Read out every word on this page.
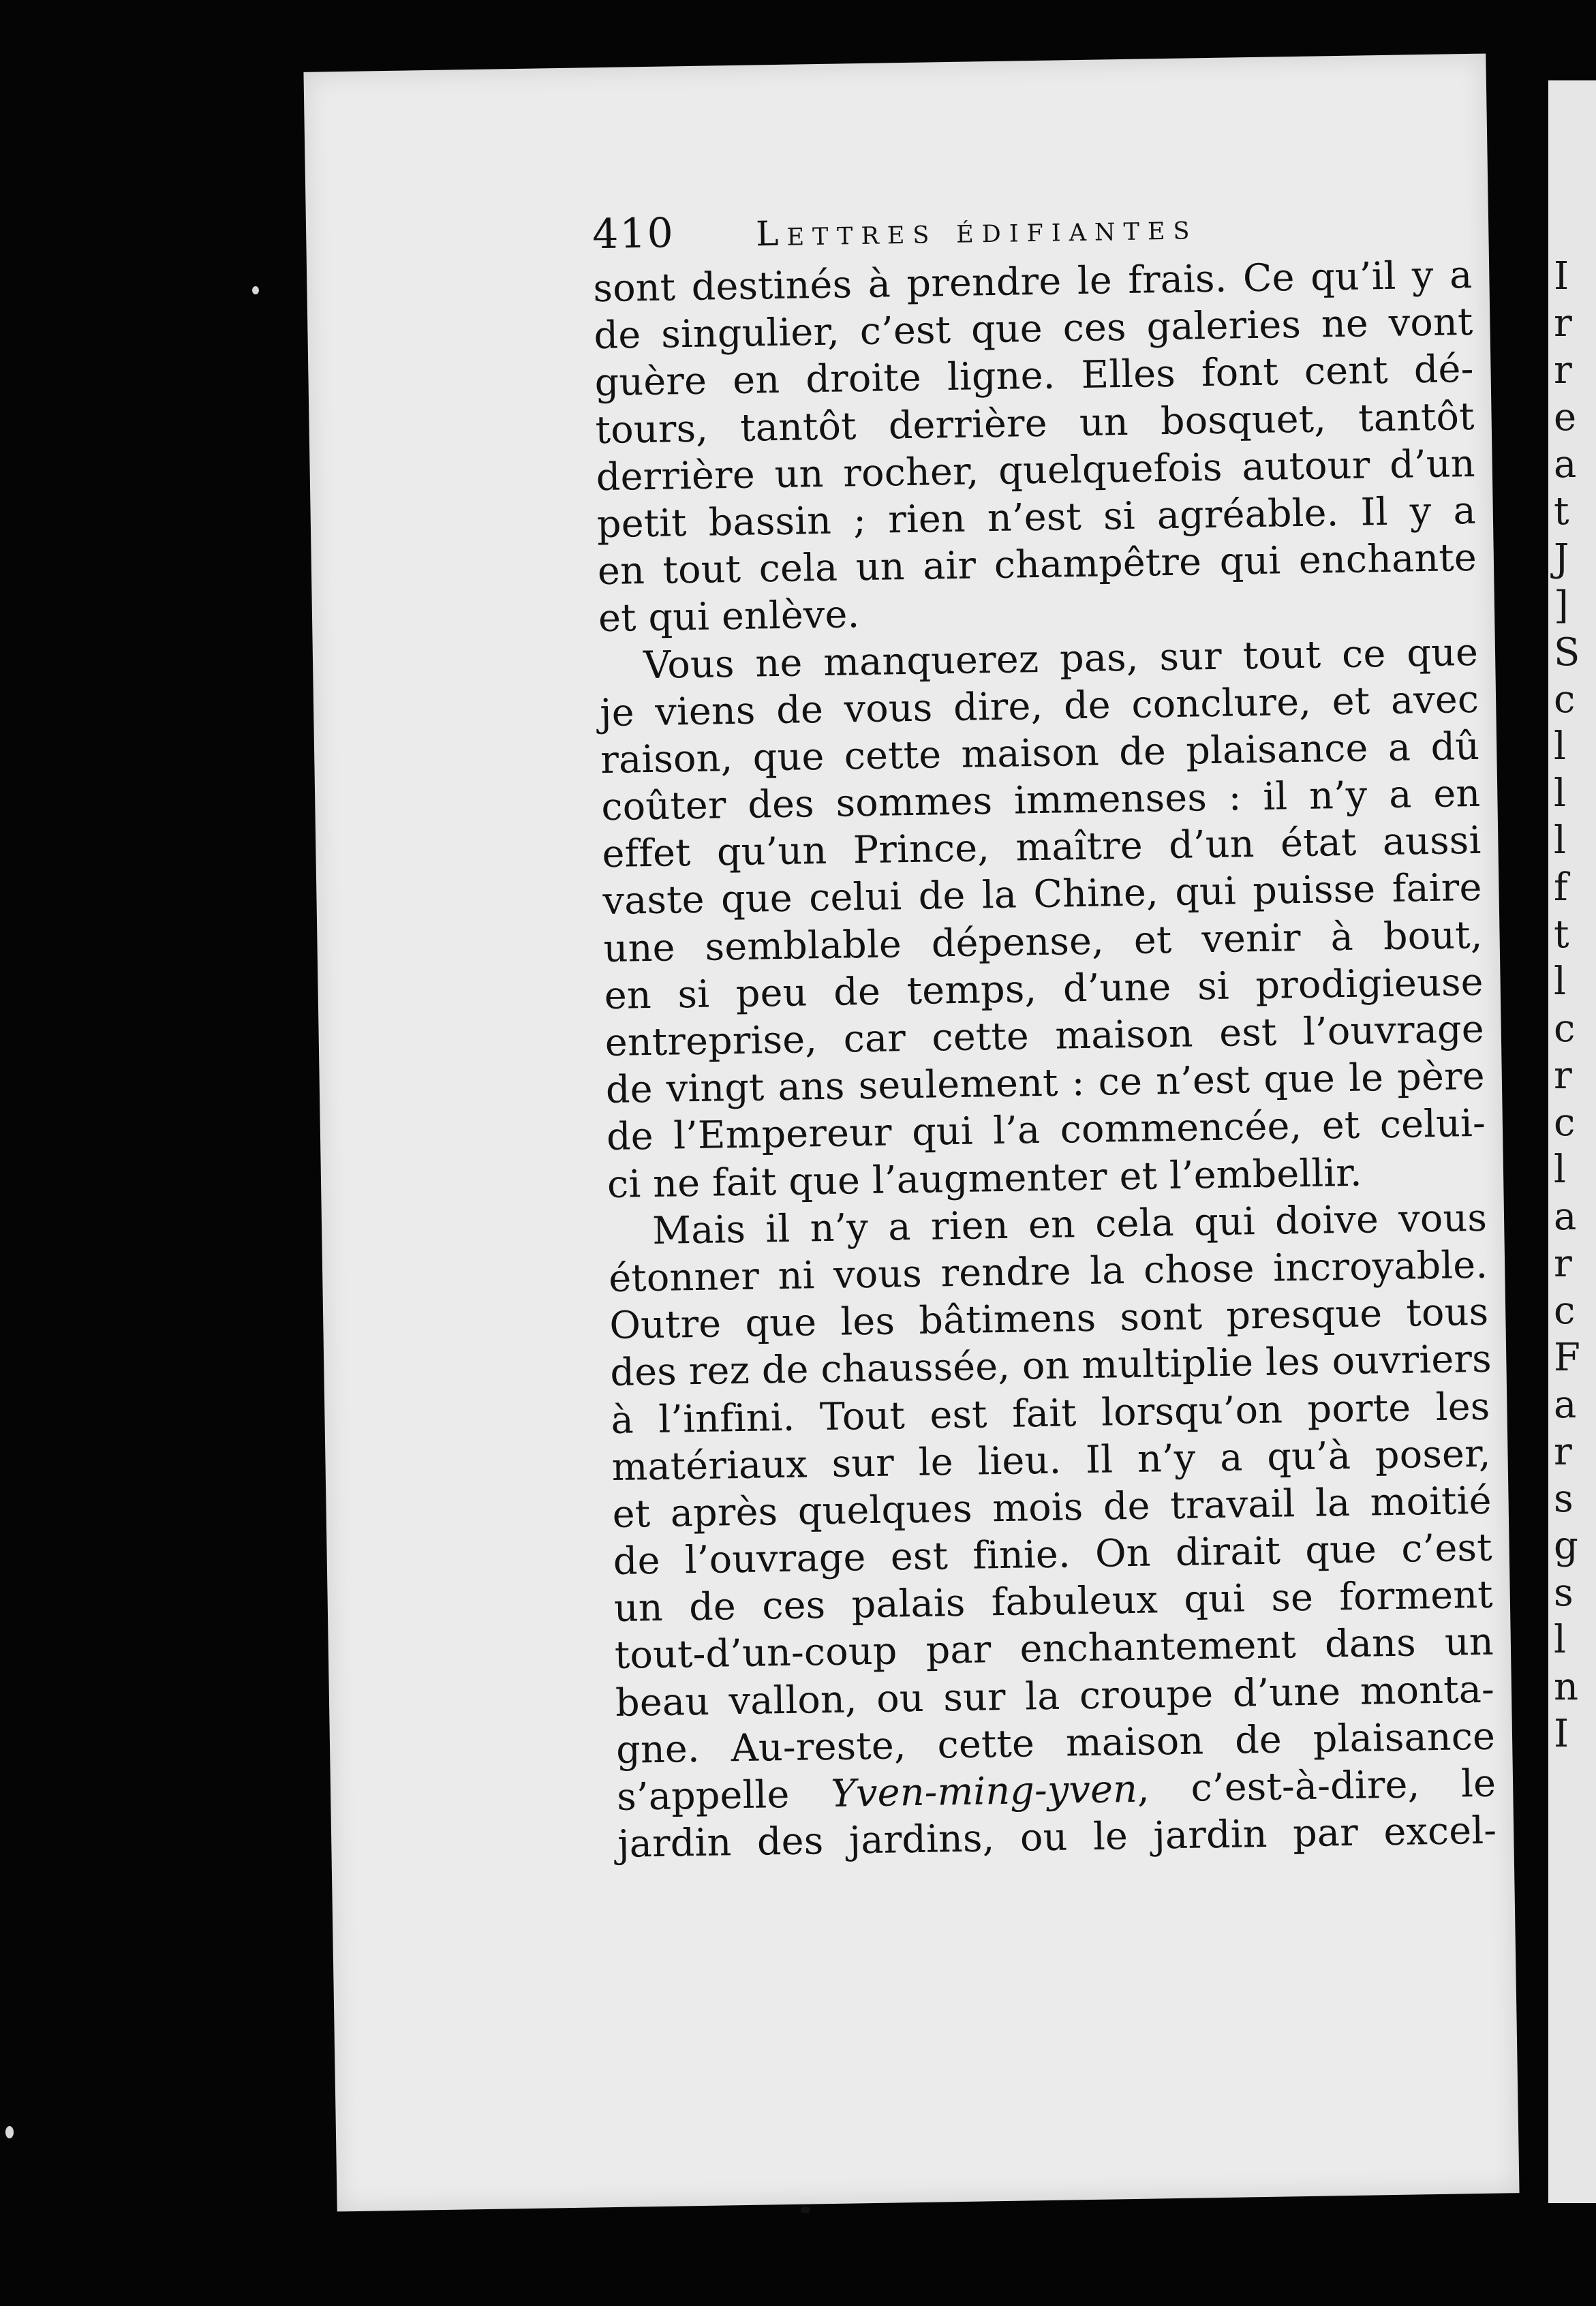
410	Lettres édifiantes
sont destinés à prendre le frais. Ce qu’il y a
de singulier, c’est que ces galeries ne vont
guère en droite ligne. Elles font cent dé-
tours, tantôt derrière un bosquet, tantôt
derrière un rocher, quelquefois autour d’un
petit bassin ; rien n’est si agréable. Il y a
en tout cela un air champêtre qui enchante
et qui enlève.
Vous ne manquerez pas, sur tout ce que
je viens de vous dire, de conclure, et avec
raison, que cette maison de plaisance a dû
coûter des sommes immenses : il n’y a en
effet qu’un Prince, maître d’un état aussi
vaste que celui de la Chine, qui puisse faire
une semblable dépense, et venir à bout,
en si peu de temps, d’une si prodigieuse
entreprise, car cette maison est l’ouvrage
de vingt ans seulement : ce n’est que le père
de l’Empereur qui l’a commencée, et celui-
ci ne fait que l’augmenter et l’embellir.
Mais il n’y a rien en cela qui doive vous
étonner ni vous rendre la chose incroyable.
Outre que les bâtimens sont presque tous
des rez de chaussée, on multiplie les ouvriers
à l’infini. Tout est fait lorsqu’on porte les
matériaux sur le lieu. Il n’y a qu’à poser,
et après quelques mois de travail la moitié
de l’ouvrage est finie. On dirait que c’est
un de ces palais fabuleux qui se forment
tout-d’un-coup par enchantement dans un
beau vallon, ou sur la croupe d’une monta-
gne. Au-reste, cette maison de plaisance
s’appelle Yven-ming-yven, c’est-à-dire, le
jardin des jardins, ou le jardin par excel-
I
r
r
e
a
t
J
]
S
c
l
l
l
f
t
l
c
r
c
l
a
r
c
F
a
r
s
g
s
l
n
I
